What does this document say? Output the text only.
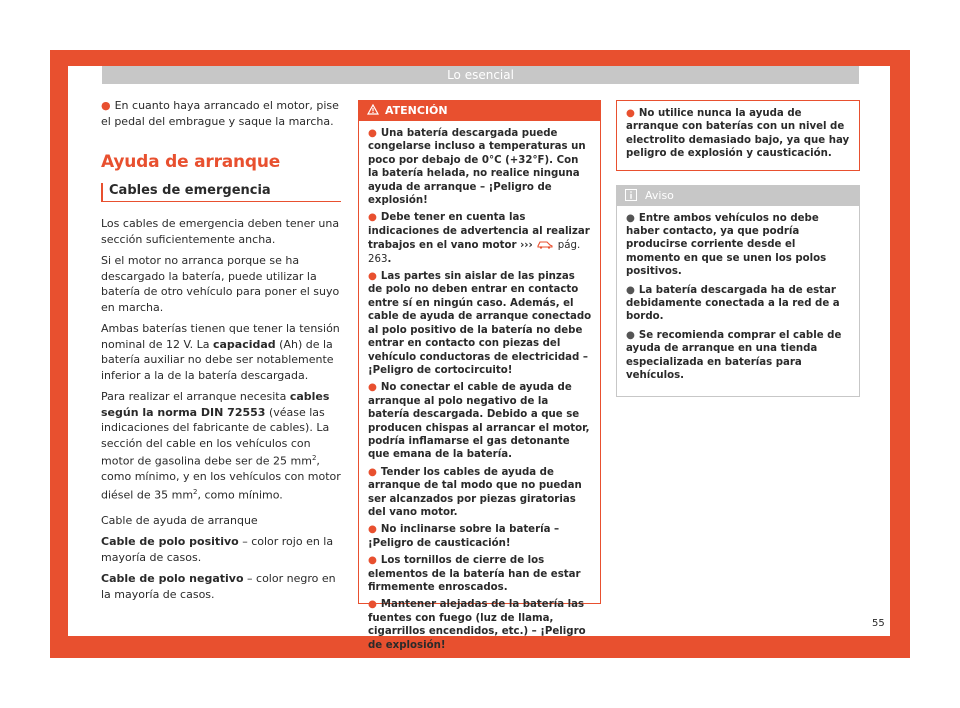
Lo esencial

● En cuanto haya arrancado el motor, pise el pedal del embrague y saque la marcha.

Ayuda de arranque
Cables de emergencia

Los cables de emergencia deben tener una sección suficientemente ancha.

Si el motor no arranca porque se ha descargado la batería, puede utilizar la batería de otro vehículo para poner el suyo en marcha.

Ambas baterías tienen que tener la tensión nominal de 12 V. La capacidad (Ah) de la batería auxiliar no debe ser notablemente inferior a la de la batería descargada.

Para realizar el arranque necesita cables según la norma DIN 72553 (véase las indicaciones del fabricante de cables). La sección del cable en los vehículos con motor de gasolina debe ser de 25 $mm^2$, como mínimo, y en los vehículos con motor diésel de 35 $mm^2$, como mínimo.

Cable de ayuda de arranque

Cable de polo positivo – color rojo en la mayoría de casos.

Cable de polo negativo – color negro en la mayoría de casos.

ATENCIÓN

● Una batería descargada puede congelarse incluso a temperaturas un poco por debajo de 0°C (+32°F). Con la batería helada, no realice ninguna ayuda de arranque – ¡Peligro de explosión!

● Debe tener en cuenta las indicaciones de advertencia al realizar trabajos en el vano motor ››› pág. 263.

● Las partes sin aislar de las pinzas de polo no deben entrar en contacto entre sí en ningún caso. Además, el cable de ayuda de arranque conectado al polo positivo de la batería no debe entrar en contacto con piezas del vehículo conductoras de electricidad – ¡Peligro de cortocircuito!

● No conectar el cable de ayuda de arranque al polo negativo de la batería descargada. Debido a que se producen chispas al arrancar el motor, podría inflamarse el gas detonante que emana de la batería.

● Tender los cables de ayuda de arranque de tal modo que no puedan ser alcanzados por piezas giratorias del vano motor.

● No inclinarse sobre la batería – ¡Peligro de causticación!

● Los tornillos de cierre de los elementos de la batería han de estar firmemente enroscados.

● Mantener alejadas de la batería las fuentes con fuego (luz de llama, cigarrillos encendidos, etc.) – ¡Peligro de explosión!

● No utilice nunca la ayuda de arranque con baterías con un nivel de electrolito demasiado bajo, ya que hay peligro de explosión y causticación.
Aviso

● Entre ambos vehículos no debe haber contacto, ya que podría producirse corriente desde el momento en que se unen los polos positivos.

● La batería descargada ha de estar debidamente conectada a la red de a bordo.

● Se recomienda comprar el cable de ayuda de arranque en una tienda especializada en baterías para vehículos.

55
